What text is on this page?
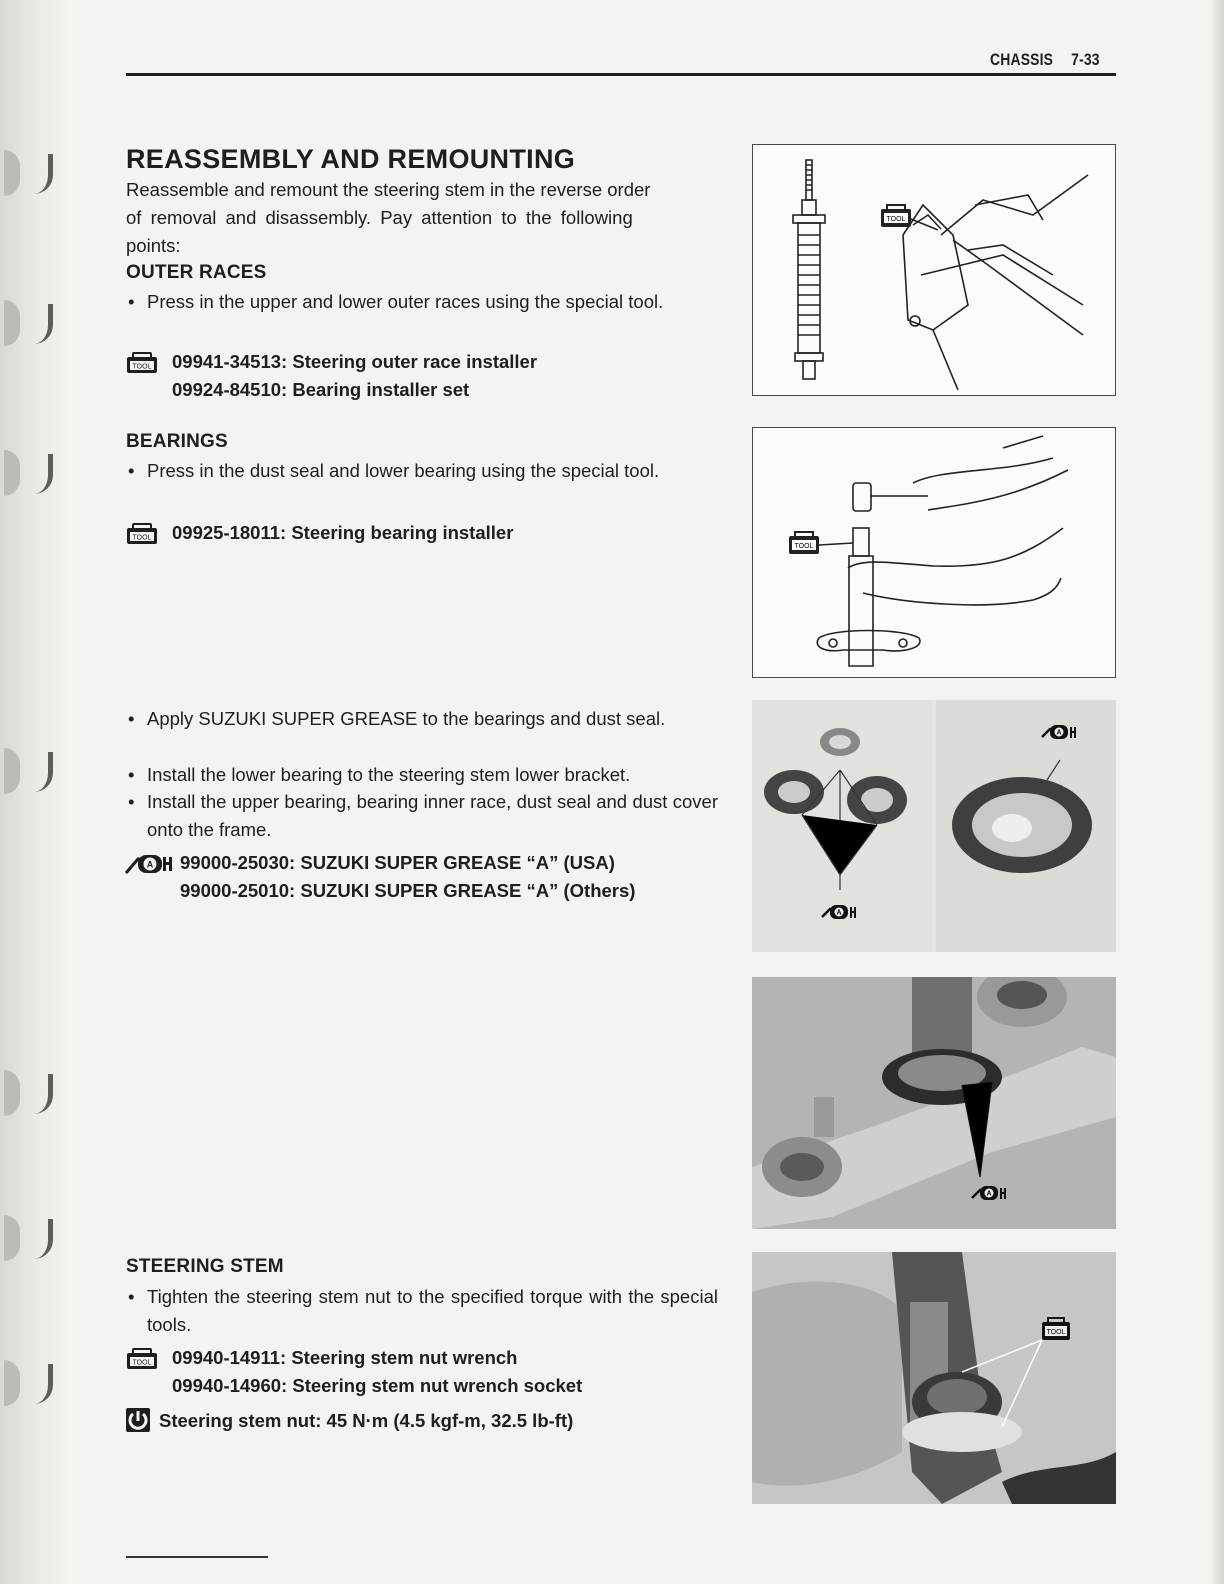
CHASSIS 7-33
REASSEMBLY AND REMOUNTING
Reassemble and remount the steering stem in the reverse order
of removal and disassembly. Pay attention to the following
points:
OUTER RACES
• Press in the upper and lower outer races using the special tool.
TOOL 09941-34513: Steering outer race installer
09924-84510: Bearing installer set
BEARINGS
• Press in the dust seal and lower bearing using the special tool.
TOOL 09925-18011: Steering bearing installer
• Apply SUZUKI SUPER GREASE to the bearings and dust seal.
• Install the lower bearing to the steering stem lower bracket.
• Install the upper bearing, bearing inner race, dust seal and dust cover onto the frame.
A 99000-25030: SUZUKI SUPER GREASE “A” (USA)
99000-25010: SUZUKI SUPER GREASE “A” (Others)
STEERING STEM
• Tighten the steering stem nut to the specified torque with the special tools.
TOOL 09940-14911: Steering stem nut wrench
09940-14960: Steering stem nut wrench socket
Steering stem nut: 45 N·m (4.5 kgf-m, 32.5 lb-ft)
TOOL
TOOL
A
A
A
TOOL
